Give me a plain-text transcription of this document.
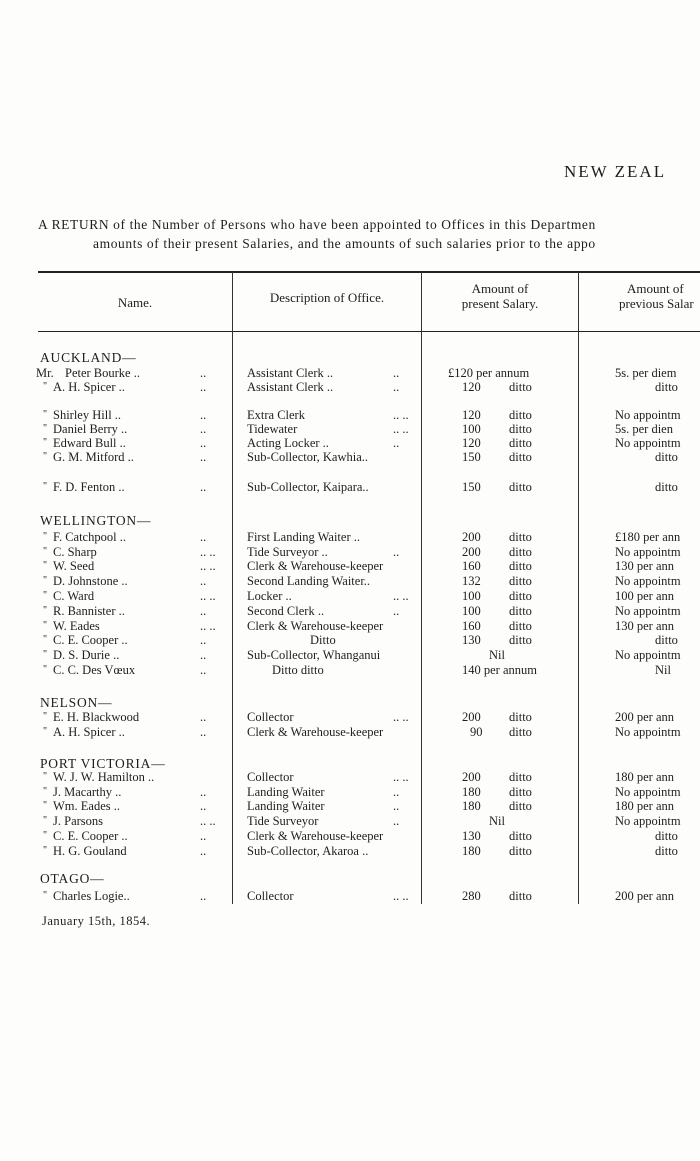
NEW ZEAL
A RETURN of the Number of Persons who have been appointed to Offices in this Departmen
amounts of their present Salaries, and the amounts of such salaries prior to the appo
Name.	Description of Office.
Amount of
present Salary.
Amount of
previous Salar
AUCKLAND—
Mr. Peter Bourke ..	..	Assistant Clerk ..	..	£120 per annum	5s. per diem
" A. H. Spicer ..	..	Assistant Clerk ..	..	120 ditto	ditto
" Shirley Hill ..	..	Extra Clerk	.. ..	120 ditto	No appointm
" Daniel Berry ..	..	Tidewater	.. ..	100 ditto	5s. per dien
" Edward Bull ..	..	Acting Locker ..	..	120 ditto	No appointm
" G. M. Mitford ..	..	Sub-Collector, Kawhia..	150 ditto	ditto
" F. D. Fenton ..	..	Sub-Collector, Kaipara..	150 ditto	ditto
WELLINGTON—
" F. Catchpool ..	..	First Landing Waiter ..	200 ditto	£180 per ann
" C. Sharp	.. ..	Tide Surveyor ..	..	200 ditto	No appointm
" W. Seed	.. ..	Clerk & Warehouse-keeper	160 ditto	130 per ann
" D. Johnstone ..	..	Second Landing Waiter..	132 ditto	No appointm
" C. Ward	.. ..	Locker ..	.. ..	100 ditto	100 per ann
" R. Bannister ..	..	Second Clerk ..	..	100 ditto	No appointm
" W. Eades	.. ..	Clerk & Warehouse-keeper	160 ditto	130 per ann
" C. E. Cooper ..	..	Ditto	130 ditto	ditto
" D. S. Durie ..	..	Sub-Collector, Whanganui	Nil	No appointm
" C. C. Des Vœux	..	Ditto ditto	140 per annum	Nil
NELSON—
" E. H. Blackwood	..	Collector	.. ..	200 ditto	200 per ann
" A. H. Spicer ..	..	Clerk & Warehouse-keeper	90 ditto	No appointm
PORT VICTORIA—
" W. J. W. Hamilton ..	Collector	.. ..	200 ditto	180 per ann
" J. Macarthy ..	..	Landing Waiter	..	180 ditto	No appointm
" Wm. Eades ..	..	Landing Waiter	..	180 ditto	180 per ann
" J. Parsons	.. ..	Tide Surveyor	..	Nil	No appointm
" C. E. Cooper ..	..	Clerk & Warehouse-keeper	130 ditto	ditto
" H. G. Gouland	..	Sub-Collector, Akaroa ..	180 ditto	ditto
OTAGO—
" Charles Logie..	..	Collector	.. ..	280 ditto	200 per ann
January 15th, 1854.
